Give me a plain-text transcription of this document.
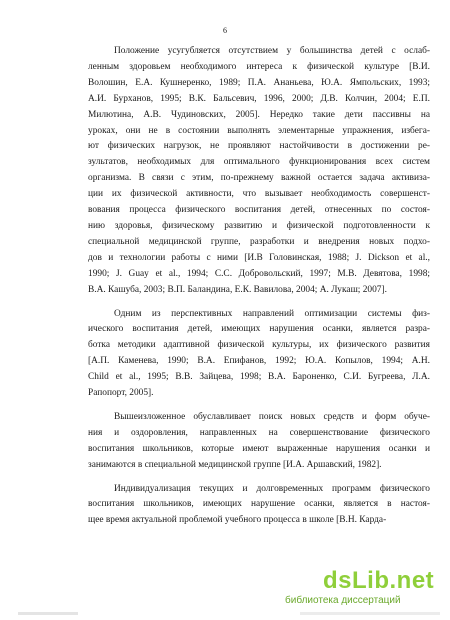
6
Положение усугубляется отсутствием у большинства детей с ослаб-
ленным здоровьем необходимого интереса к физической культуре [В.И.
Волошин, Е.А. Кушнеренко, 1989; П.А. Ананьева, Ю.А. Ямпольских, 1993;
А.И. Бурханов, 1995; В.К. Бальсевич, 1996, 2000; Д.В. Колчин, 2004; Е.П.
Милютина, А.В. Чудиновских, 2005]. Нередко такие дети пассивны на
уроках, они не в состоянии выполнять элементарные упражнения, избега-
ют физических нагрузок, не проявляют настойчивости в достижении ре-
зультатов, необходимых для оптимального функционирования всех систем
организма. В связи с этим, по-прежнему важной остается задача активиза-
ции их физической активности, что вызывает необходимость совершенст-
вования процесса физического воспитания детей, отнесенных по состоя-
нию здоровья, физическому развитию и физической подготовленности к
специальной медицинской группе, разработки и внедрения новых подхо-
дов и технологии работы с ними [И.В Головинская, 1988; J. Dickson et al.,
1990; J. Guay et al., 1994; С.С. Добровольский, 1997; М.В. Девятова, 1998;
В.А. Кашуба, 2003; В.П. Баландина, Е.К. Вавилова, 2004; А. Лукаш; 2007].
Одним из перспективных направлений оптимизации системы физ-
ического воспитания детей, имеющих нарушения осанки, является разра-
ботка методики адаптивной физической культуры, их физического развития
[А.П. Каменева, 1990; В.А. Епифанов, 1992; Ю.А. Копылов, 1994; А.Н.
Child et al., 1995; В.В. Зайцева, 1998; В.А. Бароненко, С.И. Бугреева, Л.А.
Рапопорт, 2005].
Вышеизложенное обуславливает поиск новых средств и форм обуче-
ния и оздоровления, направленных на совершенствование физического
воспитания школьников, которые имеют выраженные нарушения осанки и
занимаются в специальной медицинской группе [И.А. Аршавский, 1982].
Индивидуализация текущих и долговременных программ физического
воспитания школьников, имеющих нарушение осанки, является в настоя-
щее время актуальной проблемой учебного процесса в школе [В.Н. Карда-
dsLib.net
библиотека диссертаций
